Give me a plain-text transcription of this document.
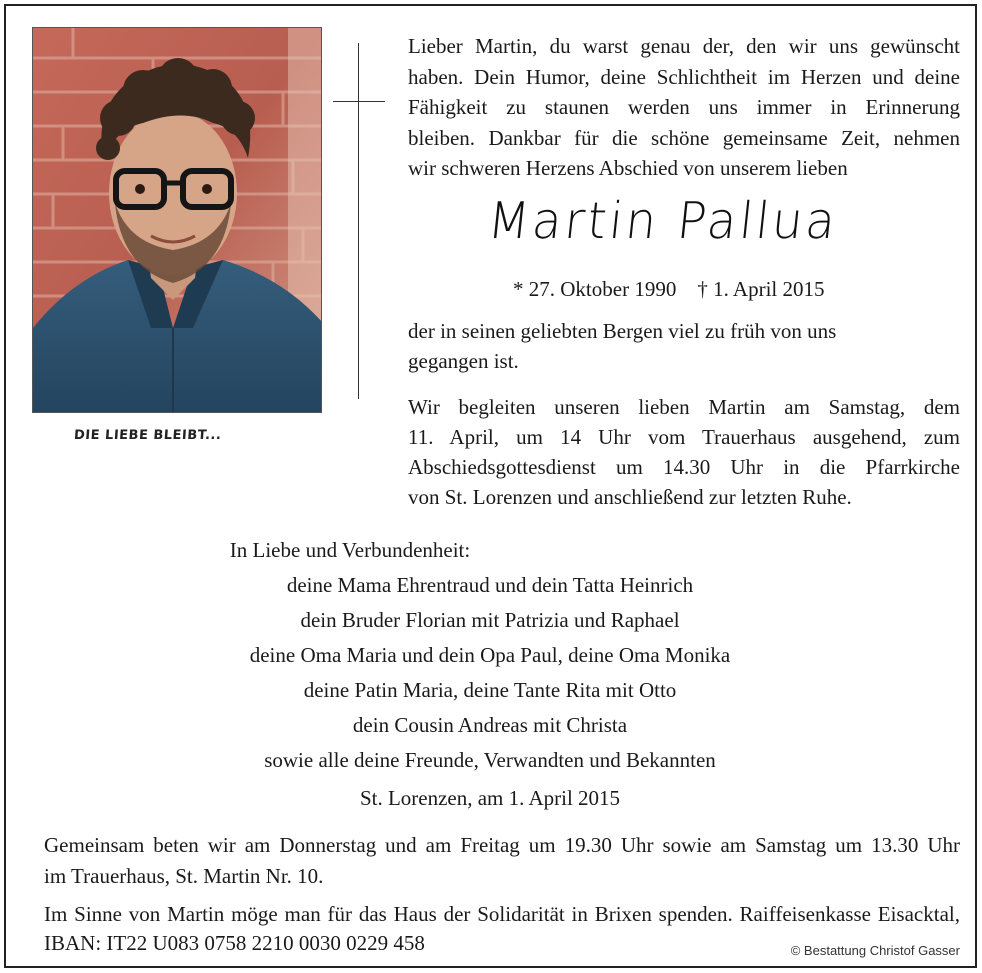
DIE LIEBE BLEIBT...
Lieber Martin, du warst genau der, den wir uns gewünscht
haben. Dein Humor, deine Schlichtheit im Herzen und deine
Fähigkeit zu staunen werden uns immer in Erinnerung
bleiben. Dankbar für die schöne gemeinsame Zeit, nehmen
wir schweren Herzens Abschied von unserem lieben
Martin Pallua
* 27. Oktober 1990 † 1. April 2015
der in seinen geliebten Bergen viel zu früh von uns
gegangen ist.
Wir begleiten unseren lieben Martin am Samstag, dem
11. April, um 14 Uhr vom Trauerhaus ausgehend, zum
Abschiedsgottesdienst um 14.30 Uhr in die Pfarrkirche
von St. Lorenzen und anschließend zur letzten Ruhe.
In Liebe und Verbundenheit:
deine Mama Ehrentraud und dein Tatta Heinrich
dein Bruder Florian mit Patrizia und Raphael
deine Oma Maria und dein Opa Paul, deine Oma Monika
deine Patin Maria, deine Tante Rita mit Otto
dein Cousin Andreas mit Christa
sowie alle deine Freunde, Verwandten und Bekannten
St. Lorenzen, am 1. April 2015
Gemeinsam beten wir am Donnerstag und am Freitag um 19.30 Uhr sowie am Samstag um 13.30 Uhr
im Trauerhaus, St. Martin Nr. 10.
Im Sinne von Martin möge man für das Haus der Solidarität in Brixen spenden. Raiffeisenkasse Eisacktal,
IBAN: IT22 U083 0758 2210 0030 0229 458	© Bestattung Christof Gasser
